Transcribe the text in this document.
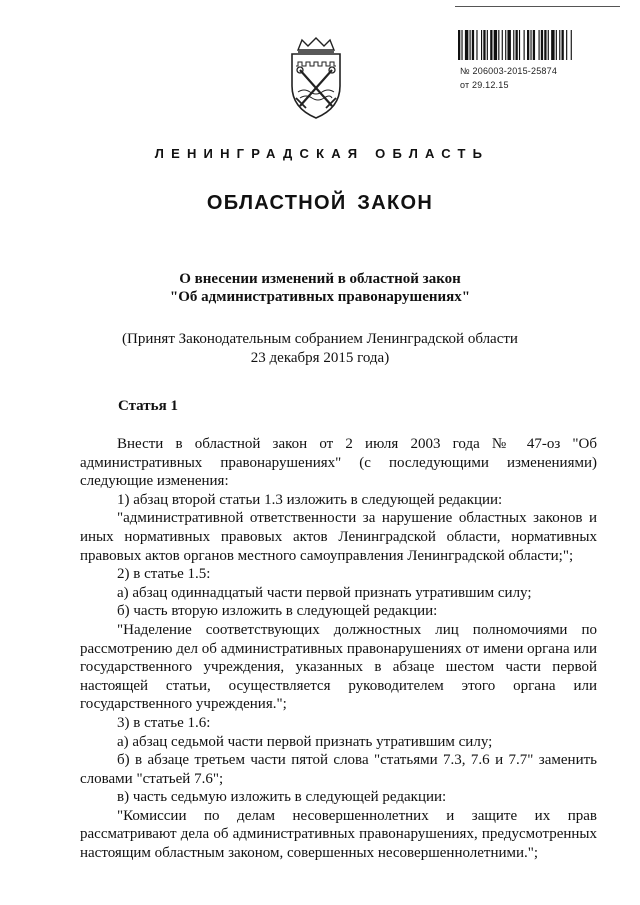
№ 206003-2015-25874
от 29.12.15
ЛЕНИНГРАДСКАЯ ОБЛАСТЬ
ОБЛАСТНОЙ ЗАКОН
О внесении изменений в областной закон
"Об административных правонарушениях"
(Принят Законодательным собранием Ленинградской области
23 декабря 2015 года)
Статья 1

Внести в областной закон от 2 июля 2003 года № 47-оз "Об административных правонарушениях" (с последующими изменениями) следующие изменения:

1) абзац второй статьи 1.3 изложить в следующей редакции:

"административной ответственности за нарушение областных законов и иных нормативных правовых актов Ленинградской области, нормативных правовых актов органов местного самоуправления Ленинградской области;";

2) в статье 1.5:

а) абзац одиннадцатый части первой признать утратившим силу;

б) часть вторую изложить в следующей редакции:

"Наделение соответствующих должностных лиц полномочиями по рассмотрению дел об административных правонарушениях от имени органа или государственного учреждения, указанных в абзаце шестом части первой настоящей статьи, осуществляется руководителем этого органа или государственного учреждения.";

3) в статье 1.6:

а) абзац седьмой части первой признать утратившим силу;

б) в абзаце третьем части пятой слова "статьями 7.3, 7.6 и 7.7" заменить словами "статьей 7.6";

в) часть седьмую изложить в следующей редакции:

"Комиссии по делам несовершеннолетних и защите их прав рассматривают дела об административных правонарушениях, предусмотренных настоящим областным законом, совершенных несовершеннолетними.";
